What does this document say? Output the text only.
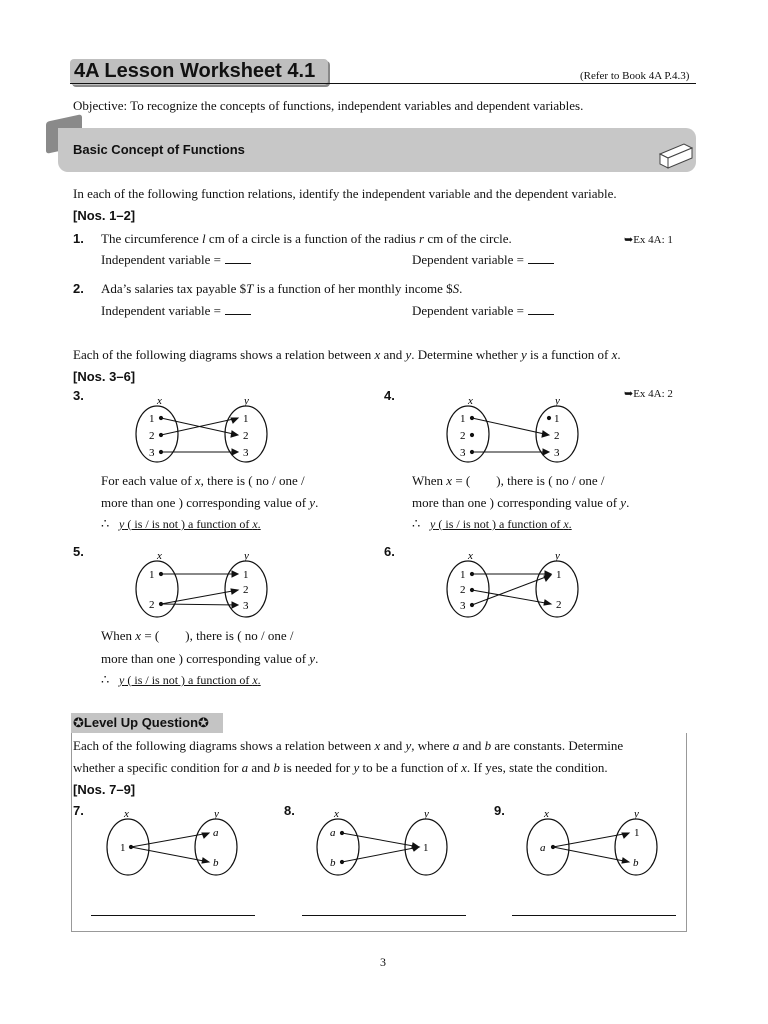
4A Lesson Worksheet 4.1	(Refer to Book 4A P.4.3)
Objective: To recognize the concepts of functions, independent variables and dependent variables.
Basic Concept of Functions
In each of the following function relations, identify the independent variable and the dependent variable.
[Nos. 1–2]
1. The circumference l cm of a circle is a function of the radius r cm of the circle.	➥Ex 4A: 1
Independent variable =	Dependent variable =
2. Ada’s salaries tax payable $T is a function of her monthly income $S.
Independent variable =	Dependent variable =
Each of the following diagrams shows a relation between x and y. Determine whether y is a function of x.
[Nos. 3–6]
➥Ex 4A: 2
3.	x	y
1
2
3
1
2
3
For each value of x, there is ( no / one /
more than one ) corresponding value of y.
∴ y ( is / is not ) a function of x.
4.	x	y
1
2
3
1
2
3
When x = (        ), there is ( no / one /
more than one ) corresponding value of y.
∴ y ( is / is not ) a function of x.
5.	x	y
1
2
1
2
3
When x = (        ), there is ( no / one /
more than one ) corresponding value of y.
∴ y ( is / is not ) a function of x.
6.	x	y
1
2
3
1
2
✪Level Up Question✪
Each of the following diagrams shows a relation between x and y, where a and b are constants. Determine
whether a specific condition for a and b is needed for y to be a function of x. If yes, state the condition.
[Nos. 7–9]
7.	x	y
1
a
b
8.	x	y
a
b
1
9.	x	y
a
1
b
3
